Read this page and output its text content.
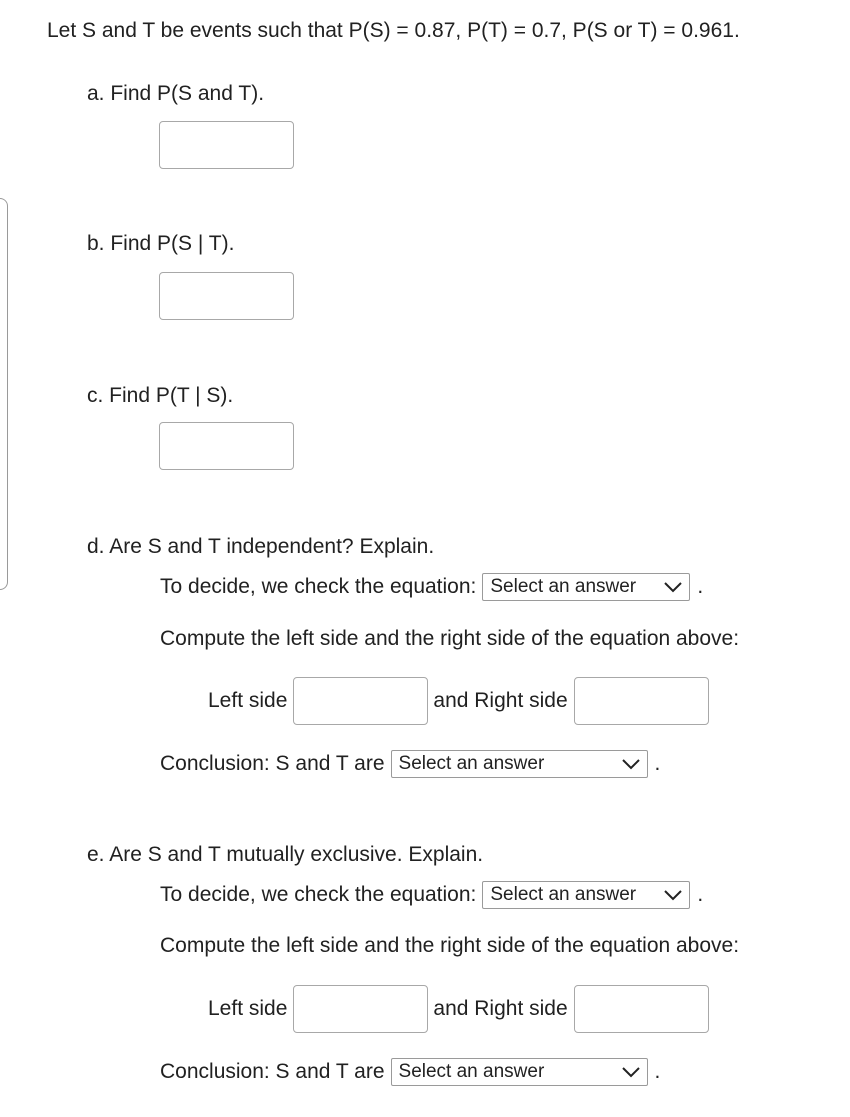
Let S and T be events such that P(S) = 0.87, P(T) = 0.7, P(S or T) = 0.961.
a. Find P(S and T).
b. Find P(S | T).
c. Find P(T | S).
d. Are S and T independent? Explain.
To decide, we check the equation: Select an answer	.
Compute the left side and the right side of the equation above:
Left side	and Right side
Conclusion: S and T are Select an answer	.
e. Are S and T mutually exclusive. Explain.
To decide, we check the equation: Select an answer	.
Compute the left side and the right side of the equation above:
Left side	and Right side
Conclusion: S and T are Select an answer	.
